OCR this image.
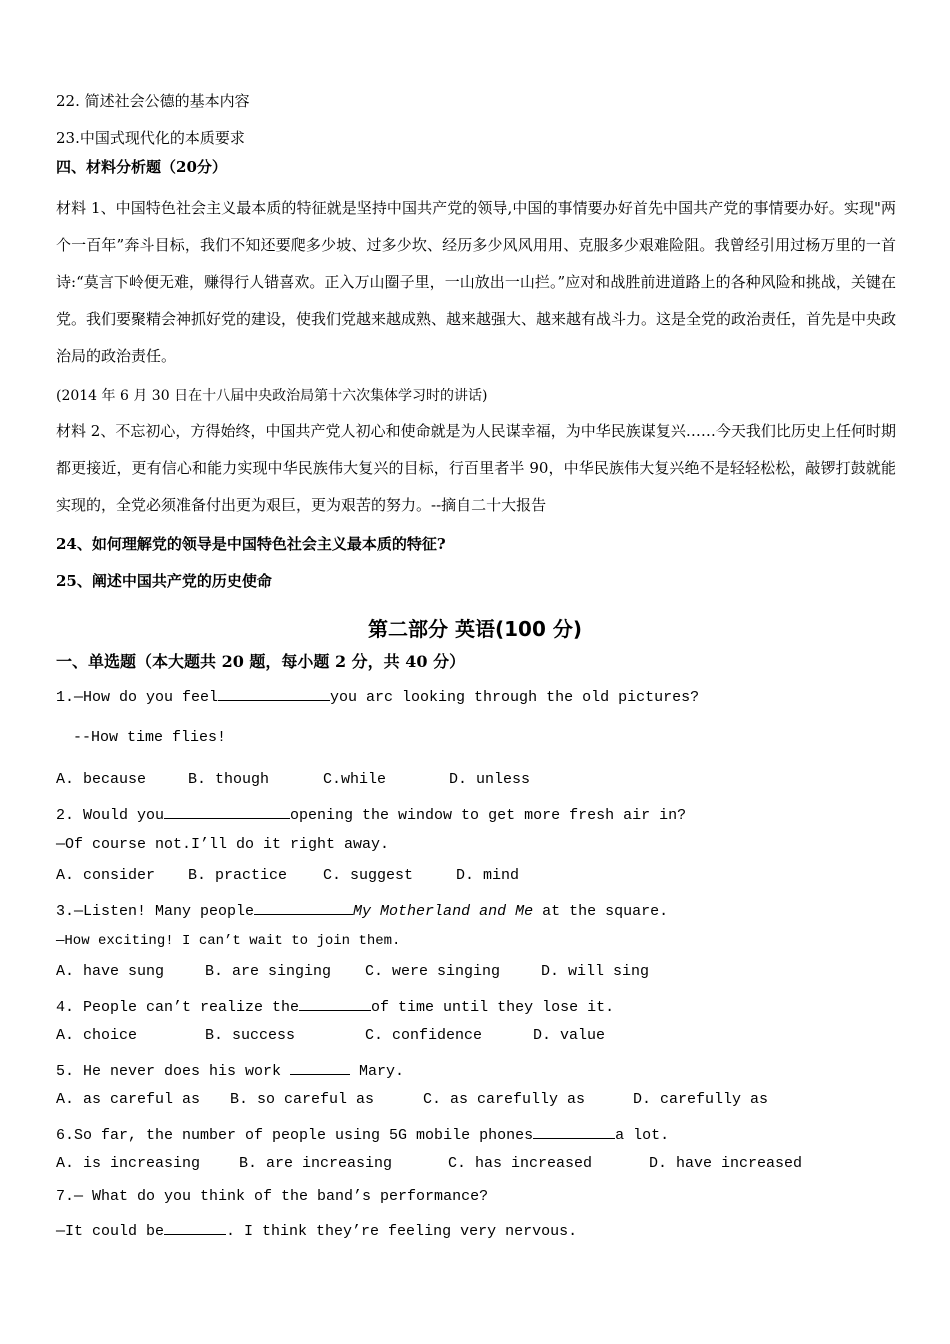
22. 简述社会公德的基本内容
23.中国式现代化的本质要求
四、材料分析题（20分）
材料 1、中国特色社会主义最本质的特征就是坚持中国共产党的领导,中国的事情要办好首先中国共产党的事情要办好。实现"两个一百年”奔斗目标，我们不知还要爬多少坡、过多少坎、经历多少风风用用、克服多少艰难险阻。我曾经引用过杨万里的一首诗:“莫言下岭便无难，赚得行人错喜欢。正入万山圈子里，一山放出一山拦。”应对和战胜前进道路上的各种风险和挑战，关键在党。我们要聚精会神抓好党的建设，使我们党越来越成熟、越来越强大、越来越有战斗力。这是全党的政治责任，首先是中央政治局的政治责任。
(2014 年 6 月 30 日在十八届中央政治局第十六次集体学习时的讲话)
材料 2、不忘初心，方得始终，中国共产党人初心和使命就是为人民谋幸福，为中华民族谋复兴……今天我们比历史上任何时期都更接近，更有信心和能力实现中华民族伟大复兴的目标，行百里者半 90，中华民族伟大复兴绝不是轻轻松松，敲锣打鼓就能实现的，全党必须准备付出更为艰巨，更为艰苦的努力。--摘自二十大报告
24、如何理解党的领导是中国特色社会主义最本质的特征?
25、阐述中国共产党的历史使命
第二部分 英语(100 分)
一、单选题（本大题共 20 题，每小题 2 分，共 40 分）
1.—How do you feel	you arc looking through the old pictures?
--How time flies!

A. because

	B. though

	C.while

	D. unless

2. Would you	opening the window to get more fresh air in?
—Of course not.I’ll do it right away.

A. consider

B. practice

C. suggest

	D. mind

3.—Listen! Many people	My Motherland and Me at the square.
—How exciting! I can’t wait to join them.

A. have sung

	B. are singing

C. were singing

	D. will sing

4. People can’t realize the	of time until they lose it.

A. choice

	B. success

	C. confidence

	D. value

5. He never does his work	Mary.

A. as careful as

B. so careful as

	C. as carefully as

	D. carefully as

6.So far, the number of people using 5G mobile phones	a lot.

A. is increasing

	B. are increasing

	C. has increased

	D. have increased

7.— What do you think of the band’s performance?
—It could be	. I think they’re feeling very nervous.
